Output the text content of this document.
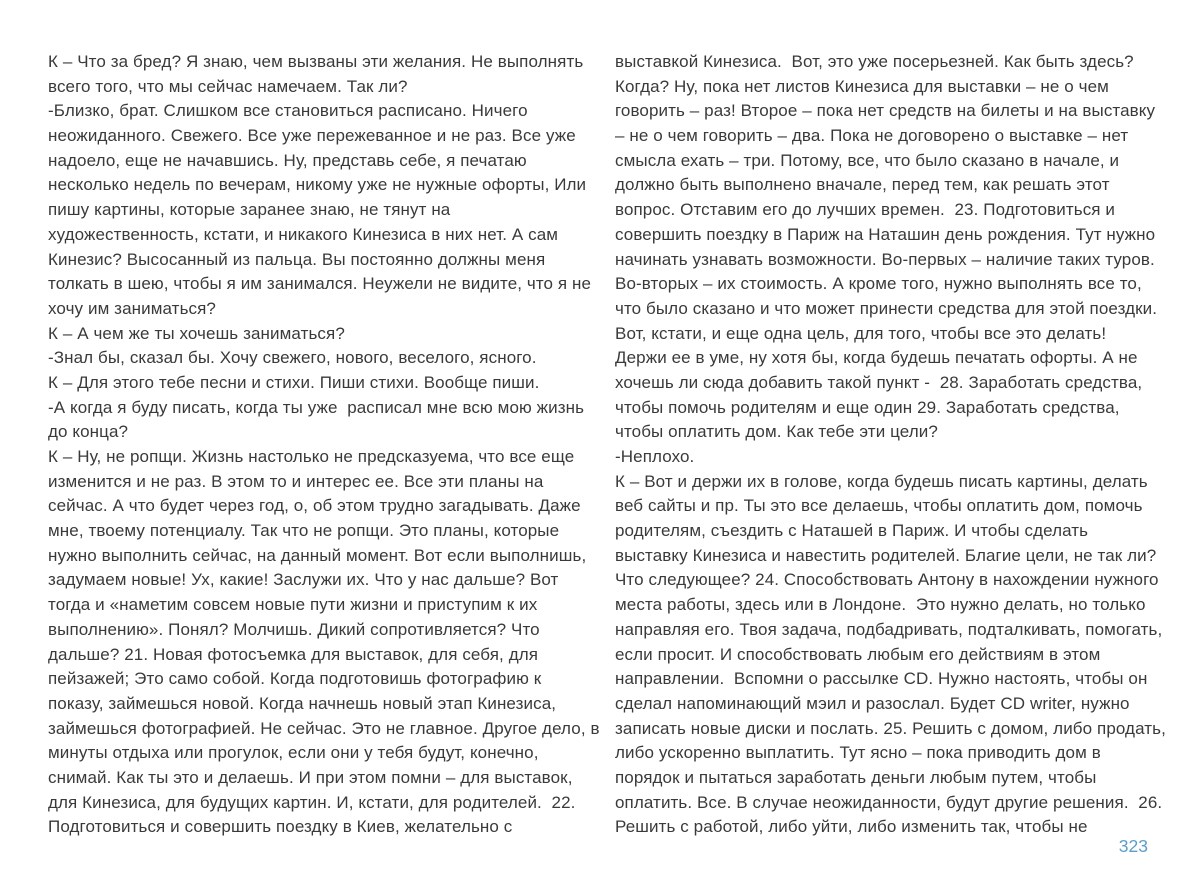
К – Что за бред? Я знаю, чем вызваны эти желания. Не выполнять
всего того, что мы сейчас намечаем. Так ли?
-Близко, брат. Слишком все становиться расписано. Ничего
неожиданного. Свежего. Все уже пережеванное и не раз. Все уже
надоело, еще не начавшись. Ну, представь себе, я печатаю
несколько недель по вечерам, никому уже не нужные офорты, Или
пишу картины, которые заранее знаю, не тянут на
художественность, кстати, и никакого Кинезиса в них нет. А сам
Кинезис? Высосанный из пальца. Вы постоянно должны меня
толкать в шею, чтобы я им занимался. Неужели не видите, что я не
хочу им заниматься?
К – А чем же ты хочешь заниматься?
-Знал бы, сказал бы. Хочу свежего, нового, веселого, ясного.
К – Для этого тебе песни и стихи. Пиши стихи. Вообще пиши.
-А когда я буду писать, когда ты уже  расписал мне всю мою жизнь
до конца?
К – Ну, не ропщи. Жизнь настолько не предсказуема, что все еще
изменится и не раз. В этом то и интерес ее. Все эти планы на
сейчас. А что будет через год, о, об этом трудно загадывать. Даже
мне, твоему потенциалу. Так что не ропщи. Это планы, которые
нужно выполнить сейчас, на данный момент. Вот если выполнишь,
задумаем новые! Ух, какие! Заслужи их. Что у нас дальше? Вот
тогда и «наметим совсем новые пути жизни и приступим к их
выполнению». Понял? Молчишь. Дикий сопротивляется? Что
дальше? 21. Новая фотосъемка для выставок, для себя, для
пейзажей; Это само собой. Когда подготовишь фотографию к
показу, займешься новой. Когда начнешь новый этап Кинезиса,
займешься фотографией. Не сейчас. Это не главное. Другое дело, в
минуты отдыха или прогулок, если они у тебя будут, конечно,
снимай. Как ты это и делаешь. И при этом помни – для выставок,
для Кинезиса, для будущих картин. И, кстати, для родителей.  22.
Подготовиться и совершить поездку в Киев, желательно с
выставкой Кинезиса.  Вот, это уже посерьезней. Как быть здесь?
Когда? Ну, пока нет листов Кинезиса для выставки – не о чем
говорить – раз! Второе – пока нет средств на билеты и на выставку
– не о чем говорить – два. Пока не договорено о выставке – нет
смысла ехать – три. Потому, все, что было сказано в начале, и
должно быть выполнено вначале, перед тем, как решать этот
вопрос. Отставим его до лучших времен.  23. Подготовиться и
совершить поездку в Париж на Наташин день рождения. Тут нужно
начинать узнавать возможности. Во-первых – наличие таких туров.
Во-вторых – их стоимость. А кроме того, нужно выполнять все то,
что было сказано и что может принести средства для этой поездки.
Вот, кстати, и еще одна цель, для того, чтобы все это делать!
Держи ее в уме, ну хотя бы, когда будешь печатать офорты. А не
хочешь ли сюда добавить такой пункт -  28. Заработать средства,
чтобы помочь родителям и еще один 29. Заработать средства,
чтобы оплатить дом. Как тебе эти цели?
-Неплохо.
К – Вот и держи их в голове, когда будешь писать картины, делать
веб сайты и пр. Ты это все делаешь, чтобы оплатить дом, помочь
родителям, съездить с Наташей в Париж. И чтобы сделать
выставку Кинезиса и навестить родителей. Благие цели, не так ли?
Что следующее? 24. Способствовать Антону в нахождении нужного
места работы, здесь или в Лондоне.  Это нужно делать, но только
направляя его. Твоя задача, подбадривать, подталкивать, помогать,
если просит. И способствовать любым его действиям в этом
направлении.  Вспомни о рассылке CD. Нужно настоять, чтобы он
сделал напоминающий мэил и разослал. Будет CD writer, нужно
записать новые диски и послать. 25. Решить с домом, либо продать,
либо ускоренно выплатить. Тут ясно – пока приводить дом в
порядок и пытаться заработать деньги любым путем, чтобы
оплатить. Все. В случае неожиданности, будут другие решения.  26.
Решить с работой, либо уйти, либо изменить так, чтобы не
323
